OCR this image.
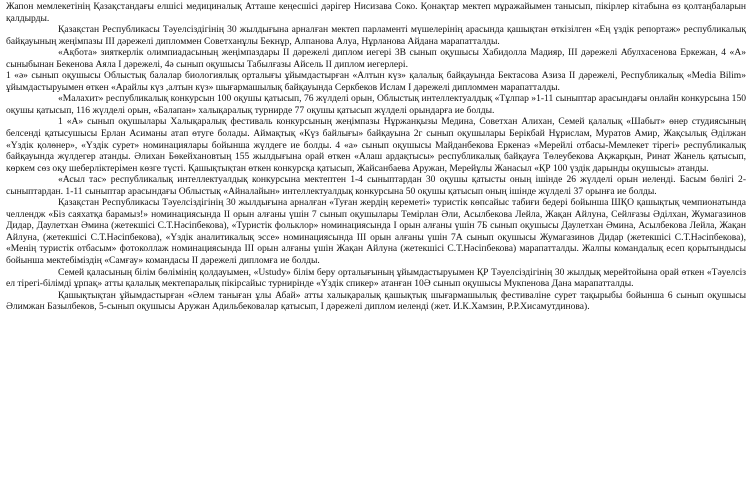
Жапон мемлекетінің Қазақстандағы елшісі медициналық Атташе кеңесшісі дәрігер Нисизава Соко. Қонақтар мектеп мұражайымен танысып, пікірлер кітабына өз қолтаңбаларын қалдырды.

Қазақстан Республикасы Тәуелсіздігінің 30 жылдығына арналған мектеп парламенті мүшелерінің арасында қашықтан өткізілген «Ең үздік репортаж» республикалық байқауының жеңімпазы ІІІ дәрежелі дипломмен Советханұлы Бекнұр, Алпанова Алуа, Нұрланова Айдана марапатталды.

«Ақбота» зияткерлік олимпиадасының жеңімпаздары ІІ дәрежелі диплом иегері 3В сынып оқушысы Хабидолла Мадияр, ІІІ дәрежелі Абулхасенова Еркежан, 4 «А» сыныбынан Бекенова Аяла І дәрежелі, 4ә сынып оқушысы Табылғазы Айсель ІІ диплом иегерлері.

1 «ә» сынып оқушысы Облыстық балалар биологиялық орталығы ұйымдастырған «Алтын күз» қалалық байқауында Бектасова Азиза ІІ дәрежелі, Республикалық «Media Bilim» ұйымдастыруымен өткен «Арайлы күз ,алтын күз» шығармашылық байқауында Серкбеков Ислам І дәрежелі дипломмен марапатталды.

«Малахит» республикалық конкурсын 100 оқушы қатысып, 76 жүлделі орын, Облыстық интеллектуалдық «Тұлпар »1-11 сыныптар арасындағы онлайн конкурсына 150 оқушы қатысып, 116 жүлделі орын, «Балапан» халықаралық турнирде 77 оқушы қатысып жүлделі орындарға ие болды.

1 «А» сынып оқушылары Халықаралық фестиваль конкурсының жеңімпазы Нұржанқызы Медина, Советхан Алихан, Семей қалалық «Шабыт» өнер студиясының белсенді қатысушысы Ерлан Асиманы атап өтуге болады. Аймақтық «Күз байлығы» байқауына 2г сынып оқушылары Берікбай Нұрислам, Муратов Амир, Жақсылық Әділжан «Үздік қолөнер», «Үздік сурет» номинациялары бойынша жүлдеге ие болды. 4 «а» сынып оқушысы Майданбекова Еркенаэ «Мерейлі отбасы-Мемлекет тірегі» республикалық байқауында жүлдегер атанды. Әлихан Бөкейхановтың 155 жылдығына орай өткен «Алаш ардақтысы» республикалық байқауға Төлеубекова Ақжарқын, Ринат Жанель қатысып, көркем сөз оқу шеберліктерімен көзге түсті. Қашықтықтан өткен конкурсқа қатысып, Жайсанбаева Аружан, Мерейұлы Жанасыл «ҚР 100 үздік дарынды оқушысы» атанды.

«Асыл тас» республикалық интеллектуалдық конкурсына мектептен 1-4 сыныптардан 30 оқушы қатысты оның ішінде 26 жүлделі орын иеленді. Басым бөлігі 2-сыныптардан. 1-11 сыныптар арасындағы Облыстық «Айналайын» интеллектуалдық конкурсына 50 оқушы қатысып оның ішінде жүлделі 37 орынға ие болды.

Қазақстан Республикасы Тәуелсіздігінің 30 жылдығына арналған «Туған жердің кереметі» туристік көпсайыс табиғи бедері бойынша ШҚО қашықтық чемпионатында челлендж «Біз саяхатқа барамыз!» номинациясында ІІ орын алғаны үшін 7 сынып оқушылары Темірлан Әли, Асылбекова Лейла, Жақан Айлуна, Сейлғазы Әділхан, Жумагазинов Дидар, Даулетхан Әмина (жетекшісі С.Т.Нәсіпбекова), «Туристік фольклор» номинациясында І орын алғаны үшін 7Б сынып оқушысы Даулетхан Әмина, Асылбекова Лейла, Жақан Айлуна, (жетекшісі С.Т.Нәсіпбекова), «Үздік аналитикалық эссе» номинациясында ІІІ орын алғаны үшін 7А сынып оқушысы Жумагазинов Дидар (жетекшісі С.Т.Нәсіпбекова), «Менің туристік отбасым» фотоколлаж номинациясында ІІІ орын алғаны үшін Жақан Айлуна (жетекшісі С.Т.Нәсіпбекова) марапатталды. Жалпы командалық есеп қорытындысы бойынша мектебіміздің «Самғау» командасы ІІ дәрежелі дипломға ие болды.

Семей қаласының білім бөлімінің қолдауымен, «Ustudy» білім беру орталығының ұйымдастыруымен ҚР Тәуелсіздігінің 30 жылдық мерейтойына орай өткен «Тәуелсіз ел тірегі-білімді ұрпақ» атты қалалық мектепаралық пікірсайыс турнирінде «Үздік спикер» атанған 10Ә сынып оқушысы Мукпенова Дана марапатталды.

Қашықтықтан ұйымдастырған «Әлем таныған ұлы Абай» атты халықаралық қашықтық шығармашылық фестивалiне сурет тақырыбы бойынша 6 сынып оқушысы Әлимжан Базылбеков, 5-сынып оқушысы Аружан Адильбековалар қатысып, І дәрежелі диплом иеленді (жет. И.К.Хамзин, Р.Р.Хисамутдинова).
